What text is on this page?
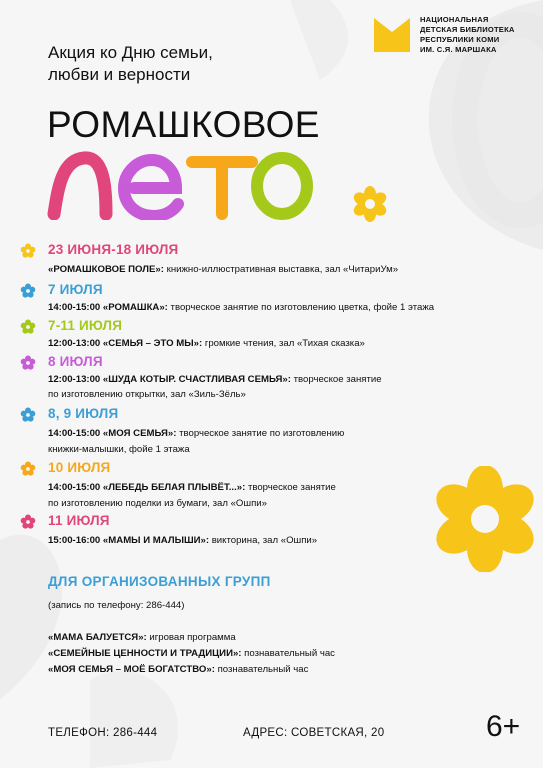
НАЦИОНАЛЬНАЯ
ДЕТСКАЯ БИБЛИОТЕКА
РЕСПУБЛИКИ КОМИ
ИМ. С.Я. МАРШАКА
Акция ко Дню семьи,
любви и верности
РОМАШКОВОЕ
23 ИЮНЯ-18 ИЮЛЯ
«РОМАШКОВОЕ ПОЛЕ»: книжно-иллюстративная выставка, зал «ЧитариУм»
7 ИЮЛЯ
14:00-15:00 «РОМАШКА»: творческое занятие по изготовлению цветка, фойе 1 этажа
7-11 ИЮЛЯ
12:00-13:00 «СЕМЬЯ – ЭТО МЫ»: громкие чтения, зал «Тихая сказка»
8 ИЮЛЯ
12:00-13:00 «ШУДА КОТЫР. СЧАСТЛИВАЯ СЕМЬЯ»: творческое занятие
по изготовлению открытки, зал «Зиль-Зёль»
8, 9 ИЮЛЯ
14:00-15:00 «МОЯ СЕМЬЯ»: творческое занятие по изготовлению
книжки-малышки, фойе 1 этажа
10 ИЮЛЯ
14:00-15:00 «ЛЕБЕДЬ БЕЛАЯ ПЛЫВЁТ...»: творческое занятие
по изготовлению поделки из бумаги, зал «Ошпи»
11 ИЮЛЯ
15:00-16:00 «МАМЫ И МАЛЫШИ»: викторина, зал «Ошпи»
ДЛЯ ОРГАНИЗОВАННЫХ ГРУПП
(запись по телефону: 286-444)
«МАМА БАЛУЕТСЯ»: игровая программа
«СЕМЕЙНЫЕ ЦЕННОСТИ И ТРАДИЦИИ»: познавательный час
«МОЯ СЕМЬЯ – МОЁ БОГАТСТВО»: познавательный час
ТЕЛЕФОН: 286-444	АДРЕС: СОВЕТСКАЯ, 20	6+
